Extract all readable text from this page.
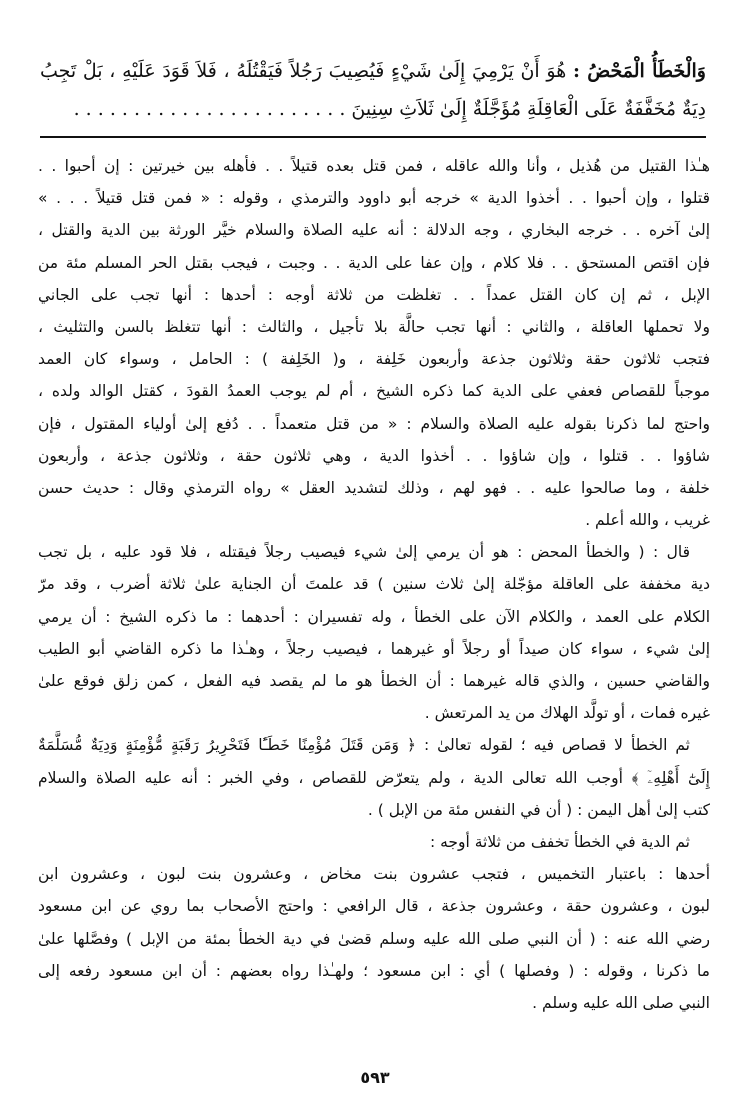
وَالْخَطَأُ الْمَحْضُ : هُوَ أَنْ يَرْمِيَ إِلَىٰ شَيْءٍ فَيُصِيبَ رَجُلاً فَيَقْتُلَهُ ، فَلاَ قَوَدَ عَلَيْهِ ، بَلْ تَجِبُ دِيَةٌ مُخَفَّفَةٌ عَلَى الْعَاقِلَةِ مُؤَجَّلَةٌ إِلَىٰ ثَلاَثِ سِنِينَ . . . . . . . . . . . . . . . . . . . . . . .
هـٰذا القتيل من هُذيل ، وأنا والله عاقله ، فمن قتل بعده قتيلاً . . فأهله بين خيرتين : إن أحبوا . .
قتلوا ، وإن أحبوا . . أخذوا الدية » خرجه أبو داوود والترمذي ، وقوله : « فمن قتل قتيلاً . . . »
إلىٰ آخره . . خرجه البخاري ، وجه الدلالة : أنه عليه الصلاة والسلام خيَّر الورثة بين الدية والقتل ،
فإن اقتص المستحق . . فلا كلام ، وإن عفا على الدية . . وجبت ، فيجب بقتل الحر المسلم مئة من
الإبل ، ثم إن كان القتل عمداً . . تغلظت من ثلاثة أوجه : أحدها : أنها تجب على الجاني
ولا تحملها العاقلة ، والثاني : أنها تجب حالَّة بلا تأجيل ، والثالث : أنها تتغلظ بالسن والتثليث ،
فتجب ثلاثون حقة وثلاثون جذعة وأربعون خَلِفة ، و( الخَلِفة ) : الحامل ، وسواء كان العمد
موجباً للقصاص فعفي على الدية كما ذكره الشيخ ، أم لم يوجب العمدُ القودَ ، كقتل الوالد ولده ،
واحتج لما ذكرنا بقوله عليه الصلاة والسلام : « من قتل متعمداً . . دُفع إلىٰ أولياء المقتول ، فإن
شاؤوا . . قتلوا ، وإن شاؤوا . . أخذوا الدية ، وهي ثلاثون حقة ، وثلاثون جذعة ، وأربعون
خلفة ، وما صالحوا عليه . . فهو لهم ، وذلك لتشديد العقل » رواه الترمذي وقال : حديث حسن
غريب ، والله أعلم .
قال : ( والخطأ المحض : هو أن يرمي إلىٰ شيء فيصيب رجلاً فيقتله ، فلا قود عليه ، بل تجب
دية مخففة على العاقلة مؤجّلة إلىٰ ثلاث سنين ) قد علمتَ أن الجناية علىٰ ثلاثة أضرب ، وقد مرّ
الكلام على العمد ، والكلام الآن على الخطأ ، وله تفسيران : أحدهما : ما ذكره الشيخ : أن يرمي
إلىٰ شيء ، سواء كان صيداً أو رجلاً أو غيرهما ، فيصيب رجلاً ، وهـٰذا ما ذكره القاضي أبو الطيب
والقاضي حسين ، والذي قاله غيرهما : أن الخطأ هو ما لم يقصد فيه الفعل ، كمن زلق فوقع علىٰ
غيره فمات ، أو تولَّد الهلاك من يد المرتعش .
ثم الخطأ لا قصاص فيه ؛ لقوله تعالىٰ : ﴿ وَمَن قَتَلَ مُؤْمِنًا خَطَـًٔا فَتَحْرِيرُ رَقَبَةٍ مُّؤْمِنَةٍ وَدِيَةٌ مُّسَلَّمَةٌ
إِلَىٰٓ أَهْلِهِۦٓ ﴾ أوجب الله تعالى الدية ، ولم يتعرّض للقصاص ، وفي الخبر : أنه عليه الصلاة والسلام
كتب إلىٰ أهل اليمن : ( أن في النفس مئة من الإبل ) .
ثم الدية في الخطأ تخفف من ثلاثة أوجه :
أحدها : باعتبار التخميس ، فتجب عشرون بنت مخاض ، وعشرون بنت لبون ، وعشرون ابن
لبون ، وعشرون حقة ، وعشرون جذعة ، قال الرافعي : واحتج الأصحاب بما روي عن ابن مسعود
رضي الله عنه : ( أن النبي صلى الله عليه وسلم قضىٰ في دية الخطأ بمئة من الإبل ) وفصَّلها علىٰ
ما ذكرنا ، وقوله : ( وفصلها ) أي : ابن مسعود ؛ ولهـٰذا رواه بعضهم : أن ابن مسعود رفعه إلى
النبي صلى الله عليه وسلم .
٥٩٣
